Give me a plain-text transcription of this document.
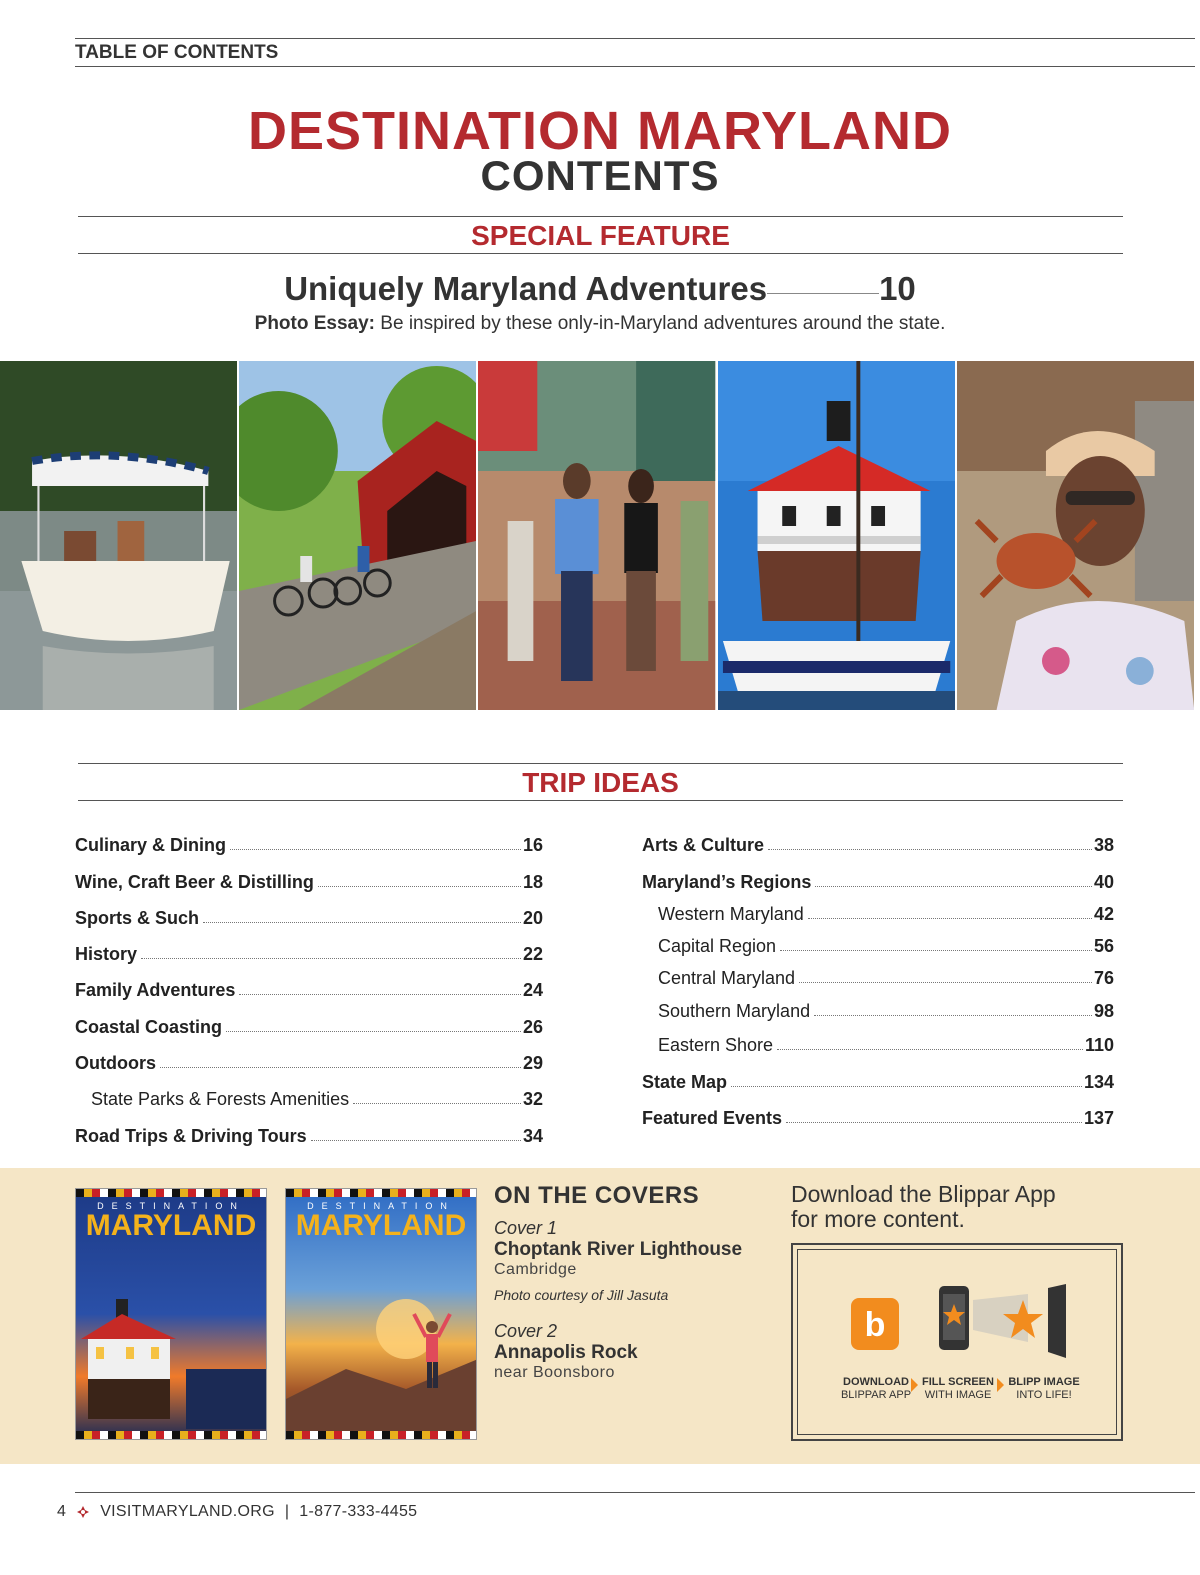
TABLE OF CONTENTS
DESTINATION MARYLAND
CONTENTS
SPECIAL FEATURE
Uniquely Maryland Adventures	10
Photo Essay: Be inspired by these only-in-Maryland adventures around the state.
TRIP IDEAS
Culinary & Dining	16
Wine, Craft Beer & Distilling	18
Sports & Such	20
History	22
Family Adventures	24
Coastal Coasting	26
Outdoors	29
State Parks & Forests Amenities	32
Road Trips & Driving Tours	34
Arts & Culture	38
Maryland’s Regions	40
Western Maryland	42
Capital Region	56
Central Maryland	76
Southern Maryland	98
Eastern Shore	110
State Map	134
Featured Events	137
DESTINATION
MARYLAND
DESTINATION
MARYLAND
ON THE COVERS
Cover 1
Choptank River Lighthouse
Cambridge
Photo courtesy of Jill Jasuta
Cover 2
Annapolis Rock
near Boonsboro
Download the Blippar App
for more content.
b
DOWNLOAD
BLIPPAR APP
FILL SCREEN
WITH IMAGE
BLIPP IMAGE
INTO LIFE!
4 VISITMARYLAND.ORG | 1-877-333-4455
